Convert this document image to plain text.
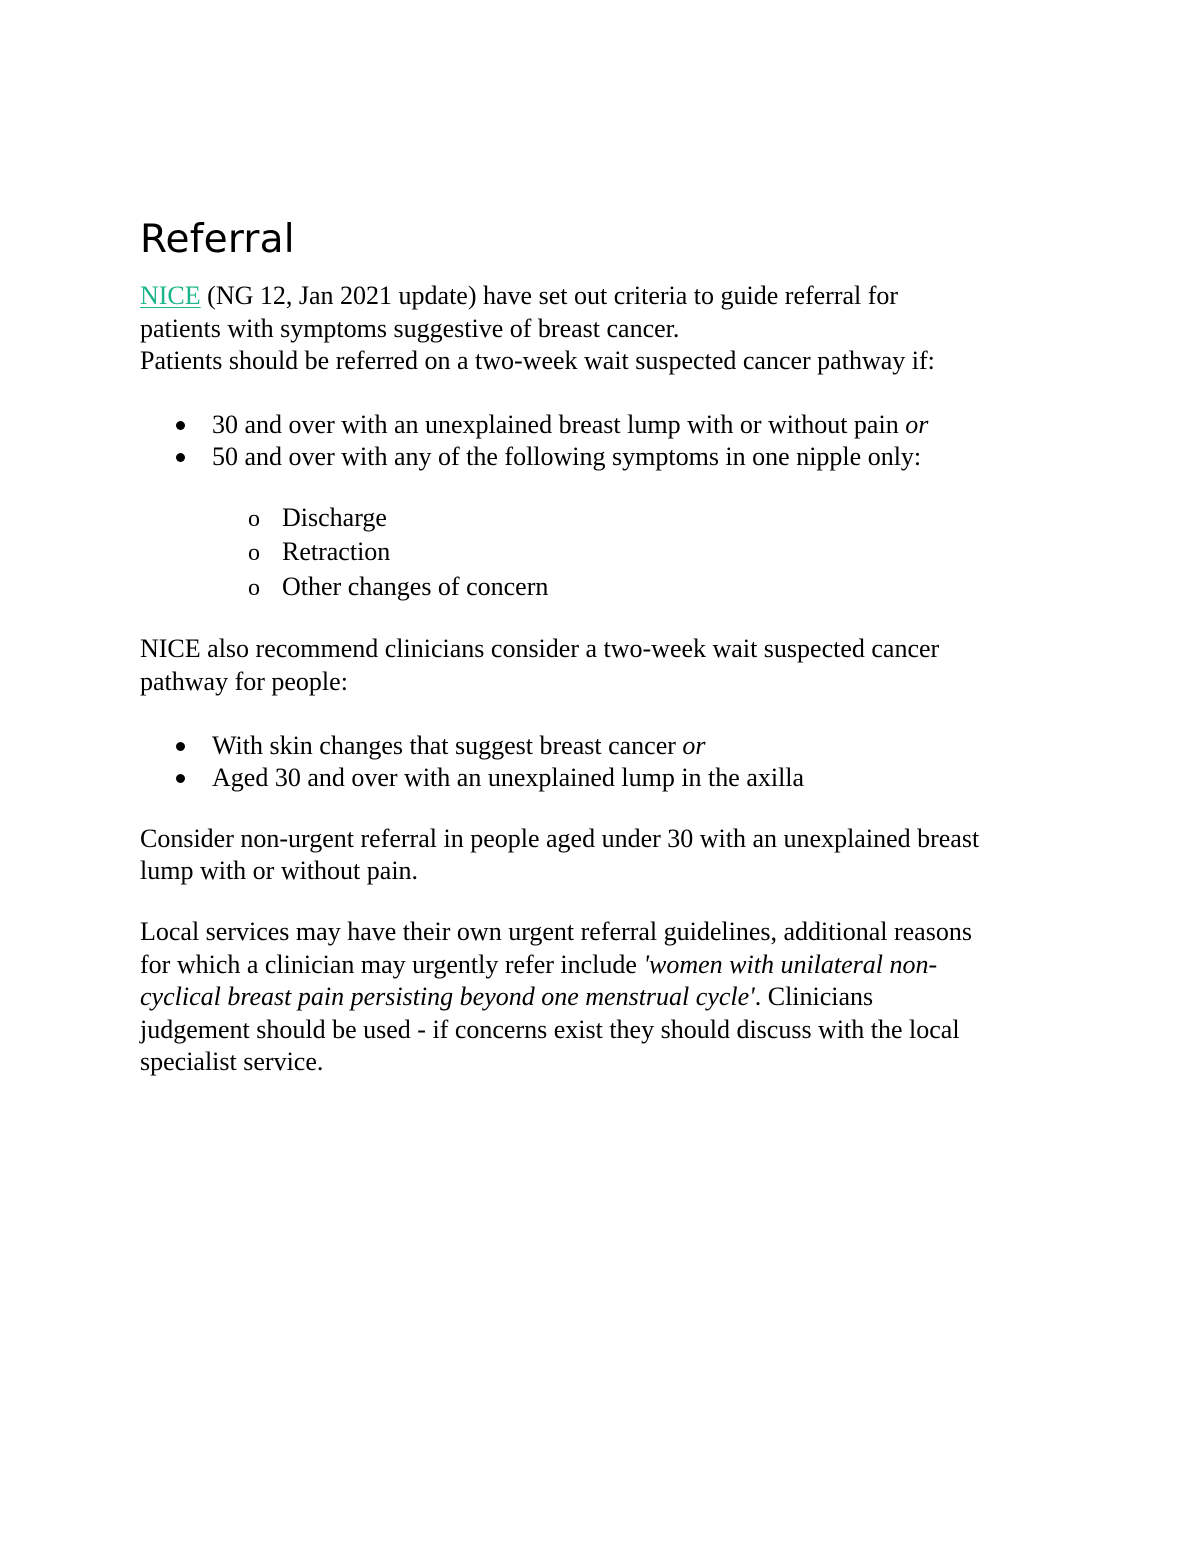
Referral

NICE (NG 12, Jan 2021 update) have set out criteria to guide referral for
patients with symptoms suggestive of breast cancer.
Patients should be referred on a two-week wait suspected cancer pathway if:

30 and over with an unexplained breast lump with or without pain or
50 and over with any of the following symptoms in one nipple only:
o Discharge
o Retraction
o Other changes of concern

NICE also recommend clinicians consider a two-week wait suspected cancer
pathway for people:

With skin changes that suggest breast cancer or
Aged 30 and over with an unexplained lump in the axilla

Consider non-urgent referral in people aged under 30 with an unexplained breast
lump with or without pain.

Local services may have their own urgent referral guidelines, additional reasons
for which a clinician may urgently refer include 'women with unilateral non-
cyclical breast pain persisting beyond one menstrual cycle'. Clinicians
judgement should be used - if concerns exist they should discuss with the local
specialist service.
